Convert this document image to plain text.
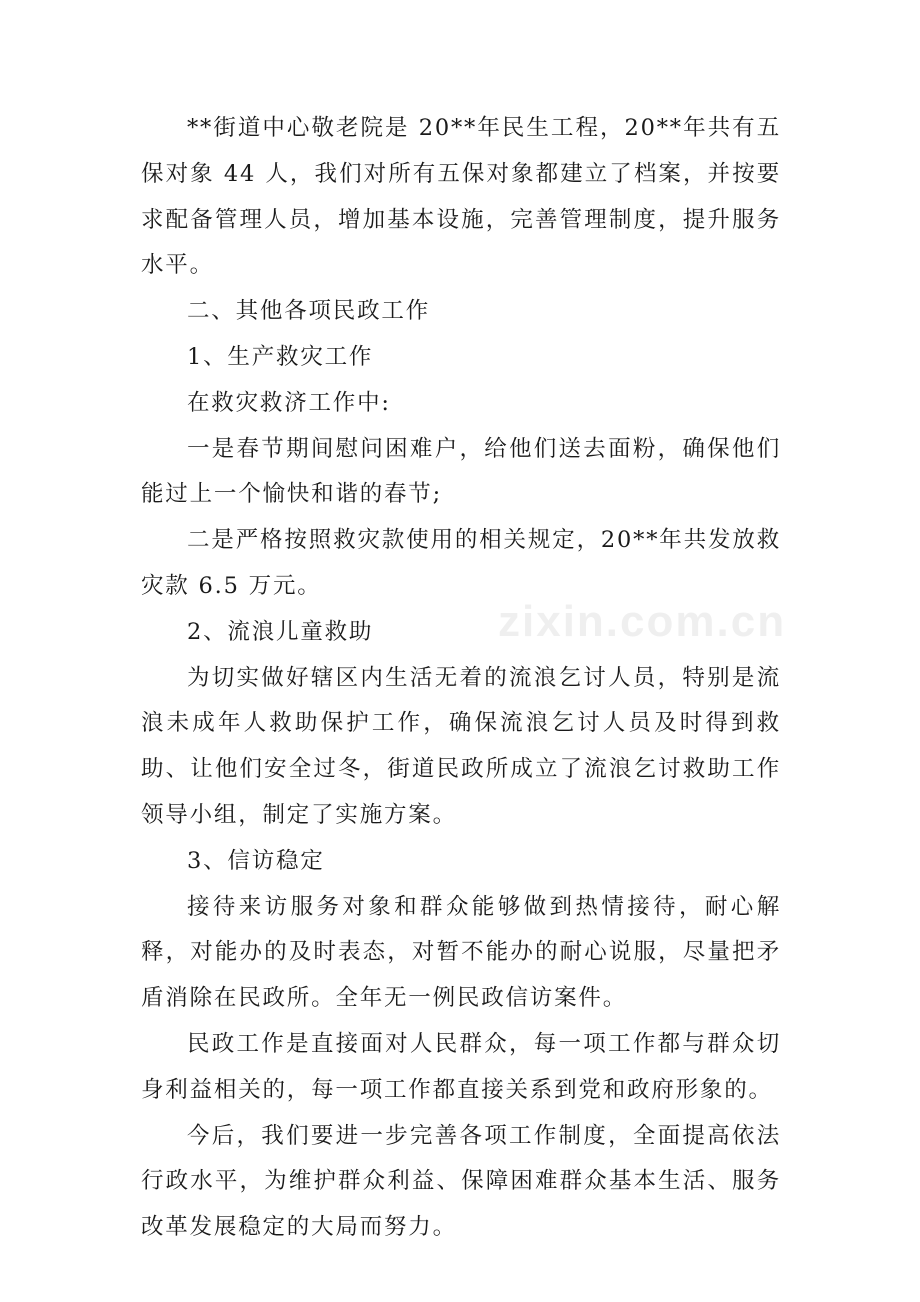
**街道中心敬老院是 20**年民生工程，20**年共有五保对象 44 人，我们对所有五保对象都建立了档案，并按要求配备管理人员，增加基本设施，完善管理制度，提升服务水平。

二、其他各项民政工作

1、生产救灾工作

在救灾救济工作中:

一是春节期间慰问困难户，给他们送去面粉，确保他们能过上一个愉快和谐的春节;

二是严格按照救灾款使用的相关规定，20**年共发放救灾款 6.5 万元。

2、流浪儿童救助

为切实做好辖区内生活无着的流浪乞讨人员，特别是流浪未成年人救助保护工作，确保流浪乞讨人员及时得到救助、让他们安全过冬，街道民政所成立了流浪乞讨救助工作领导小组，制定了实施方案。

3、信访稳定

接待来访服务对象和群众能够做到热情接待，耐心解释，对能办的及时表态，对暂不能办的耐心说服，尽量把矛盾消除在民政所。全年无一例民政信访案件。

民政工作是直接面对人民群众，每一项工作都与群众切身利益相关的，每一项工作都直接关系到党和政府形象的。

今后，我们要进一步完善各项工作制度，全面提高依法行政水平，为维护群众利益、保障困难群众基本生活、服务改革发展稳定的大局而努力。

zixin.com.cn
